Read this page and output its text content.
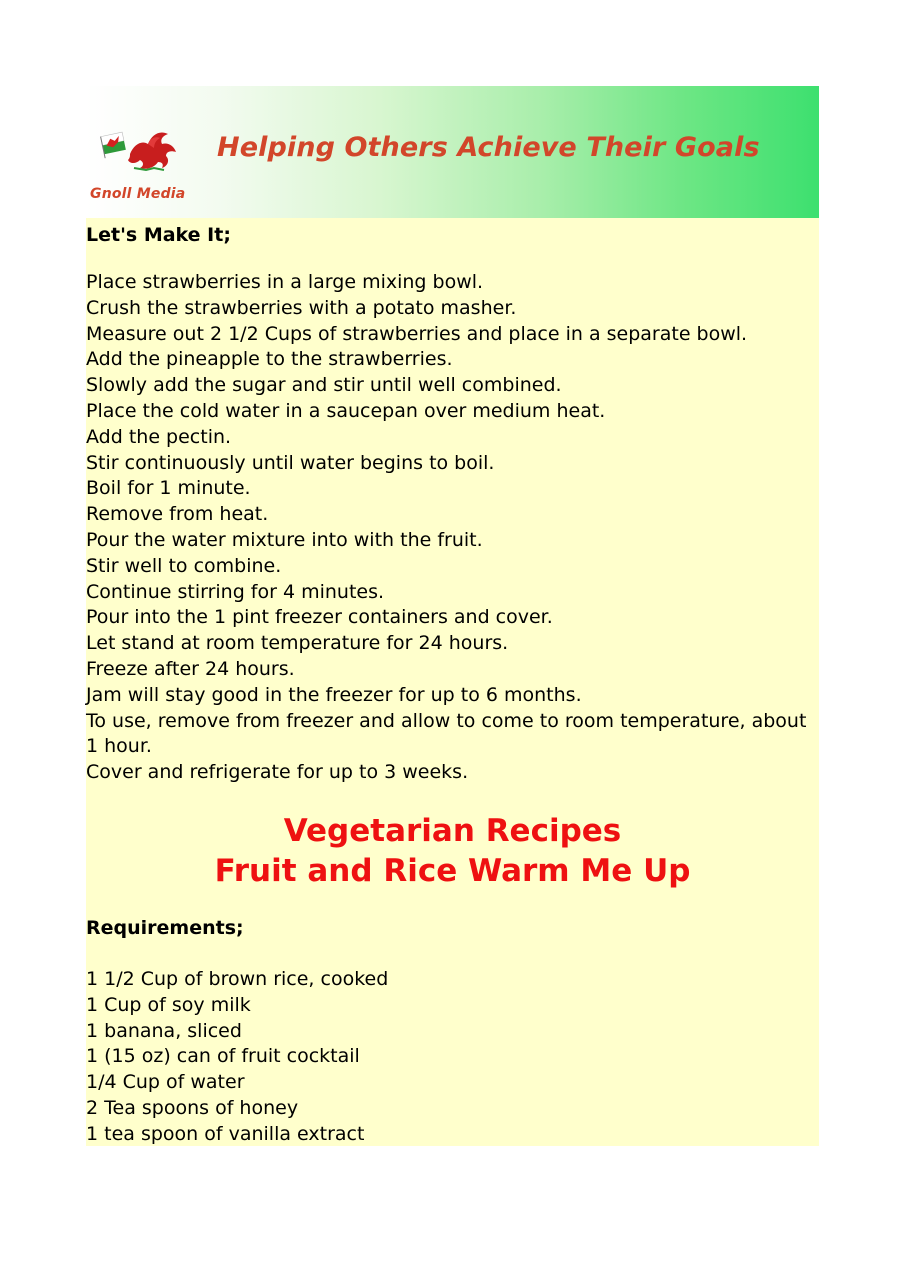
Gnoll Media
Helping Others Achieve Their Goals
Let's Make It;
Place strawberries in a large mixing bowl.
Crush the strawberries with a potato masher.
Measure out 2 1/2 Cups of strawberries and place in a separate bowl.
Add the pineapple to the strawberries.
Slowly add the sugar and stir until well combined.
Place the cold water in a saucepan over medium heat.
Add the pectin.
Stir continuously until water begins to boil.
Boil for 1 minute.
Remove from heat.
Pour the water mixture into with the fruit.
Stir well to combine.
Continue stirring for 4 minutes.
Pour into the 1 pint freezer containers and cover.
Let stand at room temperature for 24 hours.
Freeze after 24 hours.
Jam will stay good in the freezer for up to 6 months.
To use, remove from freezer and allow to come to room temperature, about 1 hour.
Cover and refrigerate for up to 3 weeks.
Vegetarian Recipes
Fruit and Rice Warm Me Up
Requirements;
1 1/2 Cup of brown rice, cooked
1 Cup of soy milk
1 banana, sliced
1 (15 oz) can of fruit cocktail
1/4 Cup of water
2 Tea spoons of honey
1 tea spoon of vanilla extract
